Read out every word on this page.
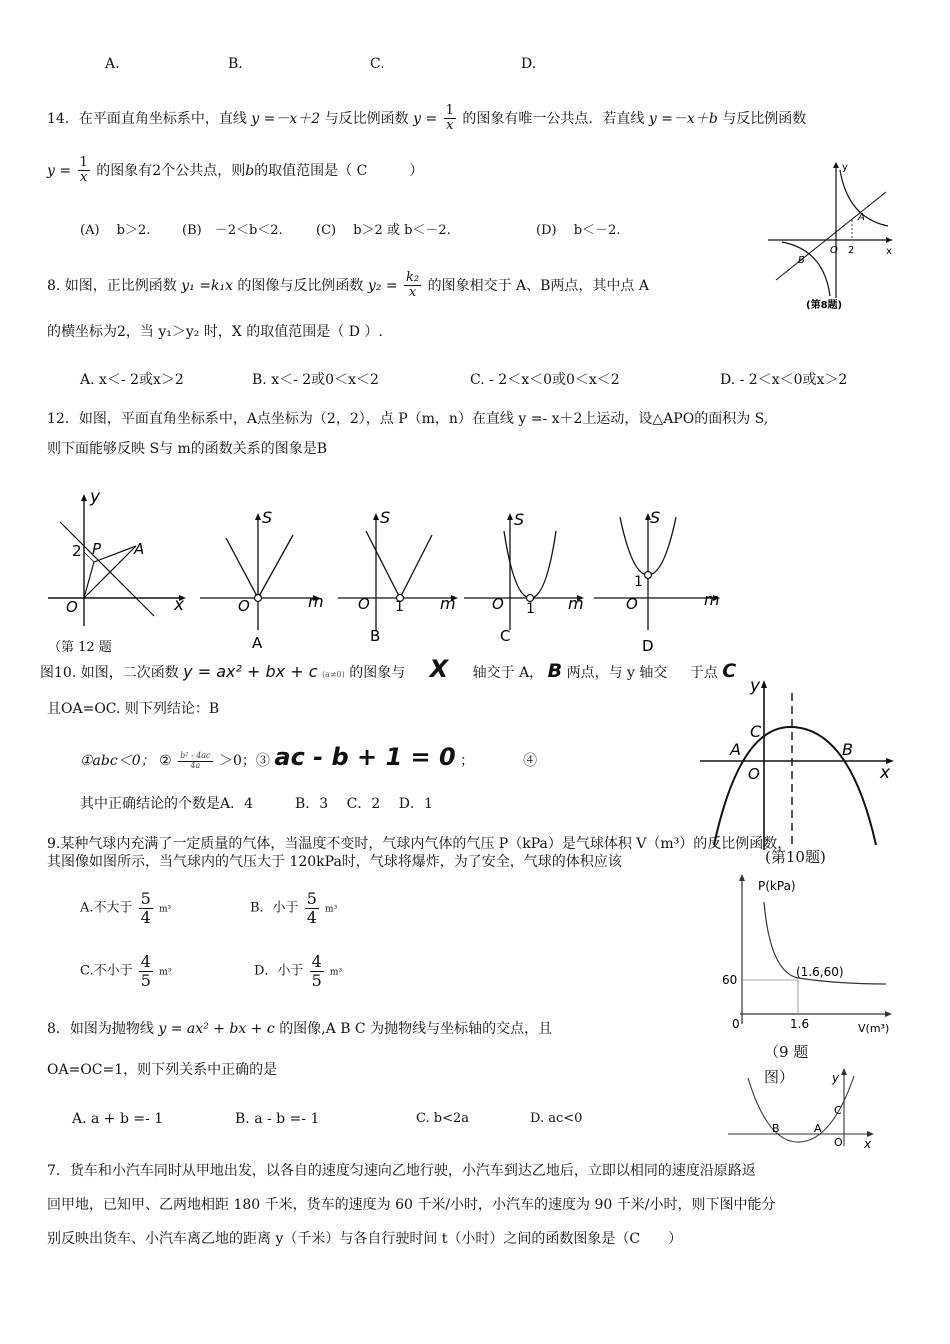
A.	B.	C.	D.
14．在平面直角坐标系中，直线 y =－x＋2 与反比例函数 $y = \frac{1}{x}$ 的图象有唯一公共点．若直线 y =－x＋b 与反比例函数
$y = \frac{1}{x}$ 的图象有2个公共点，则b的取值范围是（ C　　　）
(A)　 b＞2. (B)　－2＜b＜2.	(C)　 b＞2 或 b＜－2.	(D)　 b＜－2.
y
x
O 2
A
B
(第8题)
8. 如图，正比例函数 y₁ =k₁x 的图像与反比例函数 $y_2 = \frac{\text{k₂}}{x}$ 的图象相交于 A、B两点，其中点 A
的横坐标为2，当 y₁＞y₂ 时，X 的取值范围是（ D ）.
A. x＜- 2或x＞2	B. x＜- 2或0＜x＜2	C. - 2＜x＜0或0＜x＜2	D. - 2＜x＜0或x＞2
12．如图，平面直角坐标系中，A点坐标为（2，2），点 P（m，n）在直线 y =- x＋2上运动，设△APO的面积为 S,
则下面能够反映 S与 m的函数关系的图象是B
y
x
O
2 P A
（第 12 题
S
m
O
A
S
m
O 1
B
S
m
O 1
C
S
m
O
1
D
图10. 如图，二次函数 y = ax² + bx + c (a≠0) 的图象与 X 轴交于 A， B 两点，与 y 轴交 于点 C
且OA=OC. 则下列结论：B
①abc＜0； ② $\frac{\text{b² - 4ac}}{4a} >0$；③ ac - b + 1 = 0 ；　　　　④
其中正确结论的个数是A．4　　　B．3　 C．2　 D．1
y
x
O
A	B
C
(第10题)
9.某种气球内充满了一定质量的气体，当温度不变时，气球内气体的气压 P（kPa）是气球体积 V（m³）的反比例函数，
其图像如图所示，当气球内的气压大于 120kPa时，气球将爆炸，为了安全，气球的体积应该
A.不大于 $\frac{5}{4} m^3$	B．小于 $\frac{5}{4} m^3$
C.不小于 $\frac{4}{5} m^3$	D．小于 $\frac{4}{5} m^3$
P(kPa)
V(m³)
60
(1.6,60)
0	1.6
（9 题
图）
8．如图为抛物线 y = ax² + bx + c 的图像,A B C 为抛物线与坐标轴的交点，且
OA=OC=1，则下列关系中正确的是
A. a + b =- 1	B. a - b =- 1	C. b<2a	D. ac<0
y
x
O
A
B
C
7．货车和小汽车同时从甲地出发，以各自的速度匀速向乙地行驶，小汽车到达乙地后，立即以相同的速度沿原路返
回甲地，已知甲、乙两地相距 180 千米，货车的速度为 60 千米/小时，小汽车的速度为 90 千米/小时，则下图中能分
别反映出货车、小汽车离乙地的距离 y（千米）与各自行驶时间 t（小时）之间的函数图象是（C　　）
